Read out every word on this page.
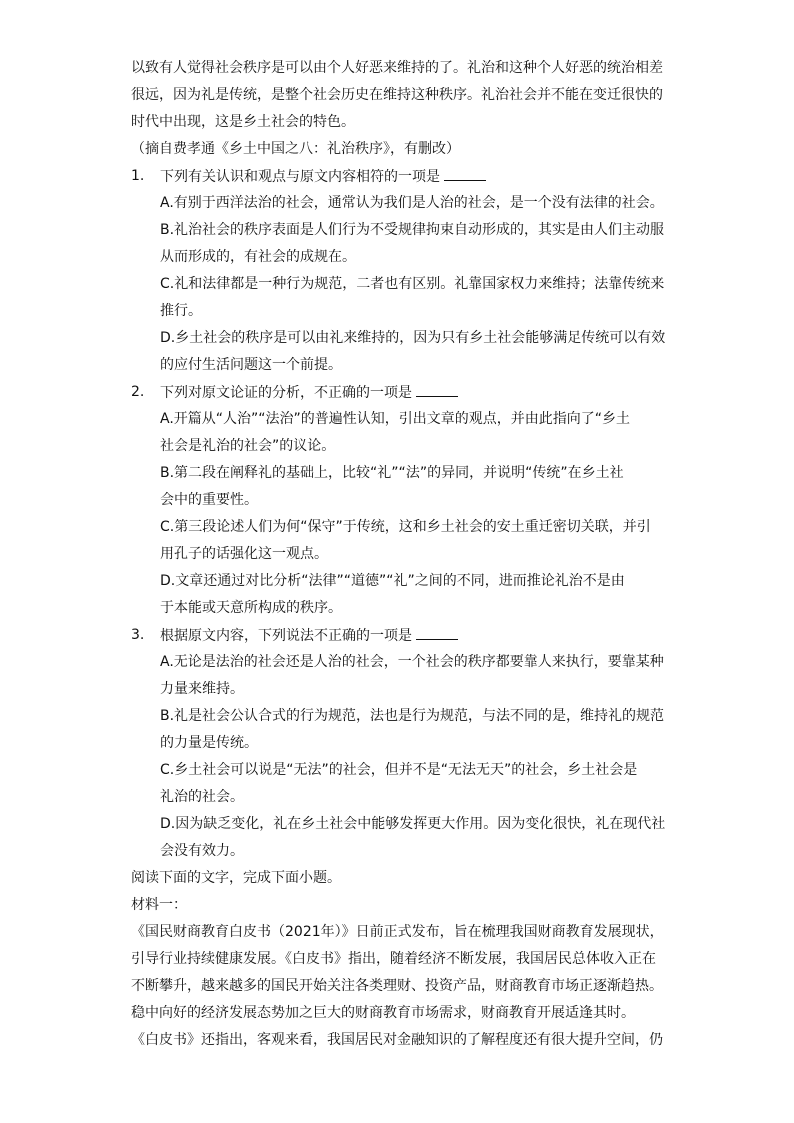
以致有人觉得社会秩序是可以由个人好恶来维持的了。礼治和这种个人好恶的统治相差
很远，因为礼是传统，是整个社会历史在维持这种秩序。礼治社会并不能在变迁很快的
时代中出现，这是乡土社会的特色。
（摘自费孝通《乡土中国之八：礼治秩序》，有删改）
1. 下列有关认识和观点与原文内容相符的一项是
A.有别于西洋法治的社会，通常认为我们是人治的社会，是一个没有法律的社会。
B.礼治社会的秩序表面是人们行为不受规律拘束自动形成的，其实是由人们主动服
从而形成的，有社会的成规在。
C.礼和法律都是一种行为规范，二者也有区别。礼靠国家权力来维持；法靠传统来
推行。
D.乡土社会的秩序是可以由礼来维持的，因为只有乡土社会能够满足传统可以有效
的应付生活问题这一个前提。
2. 下列对原文论证的分析，不正确的一项是
A.开篇从“人治”“法治”的普遍性认知，引出文章的观点，并由此指向了“乡土
社会是礼治的社会”的议论。
B.第二段在阐释礼的基础上，比较“礼”“法”的异同，并说明“传统”在乡土社
会中的重要性。
C.第三段论述人们为何“保守”于传统，这和乡土社会的安土重迁密切关联，并引
用孔子的话强化这一观点。
D.文章还通过对比分析“法律”“道德”“礼”之间的不同，进而推论礼治不是由
于本能或天意所构成的秩序。
3. 根据原文内容，下列说法不正确的一项是
A.无论是法治的社会还是人治的社会，一个社会的秩序都要靠人来执行，要靠某种
力量来维持。
B.礼是社会公认合式的行为规范，法也是行为规范，与法不同的是，维持礼的规范
的力量是传统。
C.乡土社会可以说是“无法”的社会，但并不是“无法无天”的社会，乡土社会是
礼治的社会。
D.因为缺乏变化，礼在乡土社会中能够发挥更大作用。因为变化很快，礼在现代社
会没有效力。
阅读下面的文字，完成下面小题。
材料一：
《国民财商教育白皮书（2021年）》日前正式发布，旨在梳理我国财商教育发展现状，
引导行业持续健康发展。《白皮书》指出，随着经济不断发展，我国居民总体收入正在
不断攀升，越来越多的国民开始关注各类理财、投资产品，财商教育市场正逐渐趋热。
稳中向好的经济发展态势加之巨大的财商教育市场需求，财商教育开展适逢其时。
《白皮书》还指出，客观来看，我国居民对金融知识的了解程度还有很大提升空间，仍
